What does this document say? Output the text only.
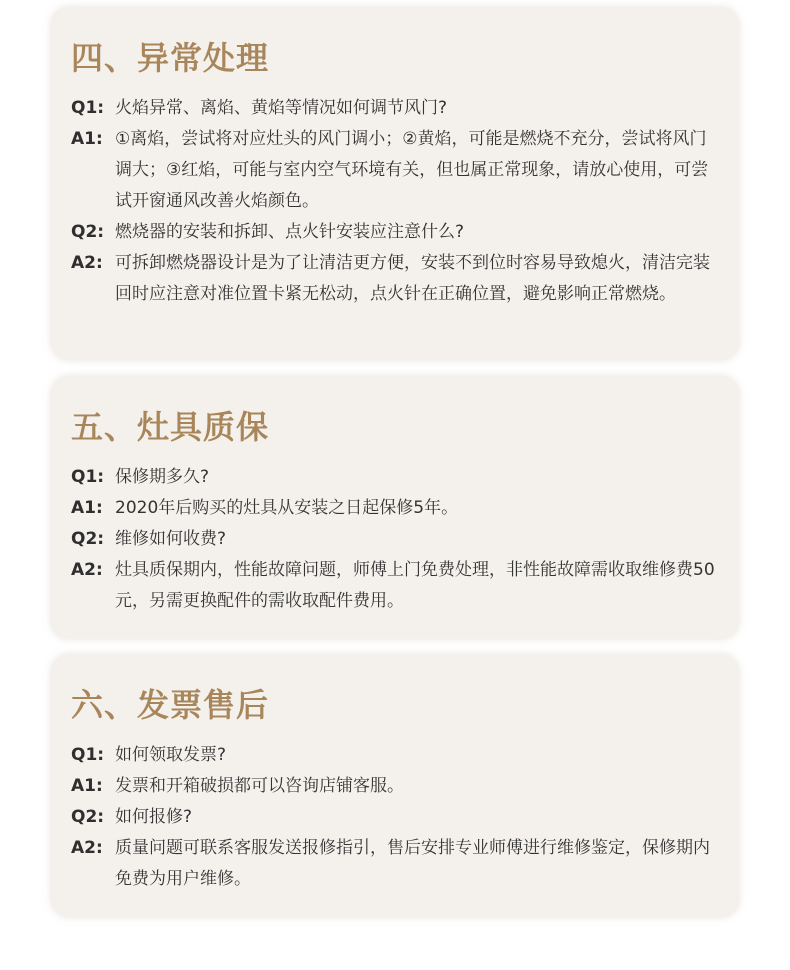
四、异常处理
Q1: 火焰异常、离焰、黄焰等情况如何调节风门?
A1: ①离焰，尝试将对应灶头的风门调小；②黄焰，可能是燃烧不充分，尝试将风门调大；③红焰，可能与室内空气环境有关，但也属正常现象，请放心使用，可尝试开窗通风改善火焰颜色。
Q2: 燃烧器的安装和拆卸、点火针安装应注意什么?
A2: 可拆卸燃烧器设计是为了让清洁更方便，安装不到位时容易导致熄火，清洁完装回时应注意对准位置卡紧无松动，点火针在正确位置，避免影响正常燃烧。
五、灶具质保
Q1: 保修期多久?
A1: 2020年后购买的灶具从安装之日起保修5年。
Q2: 维修如何收费?
A2: 灶具质保期内，性能故障问题，师傅上门免费处理，非性能故障需收取维修费50元，另需更换配件的需收取配件费用。
六、发票售后
Q1: 如何领取发票?
A1: 发票和开箱破损都可以咨询店铺客服。
Q2: 如何报修?
A2: 质量问题可联系客服发送报修指引，售后安排专业师傅进行维修鉴定，保修期内免费为用户维修。
